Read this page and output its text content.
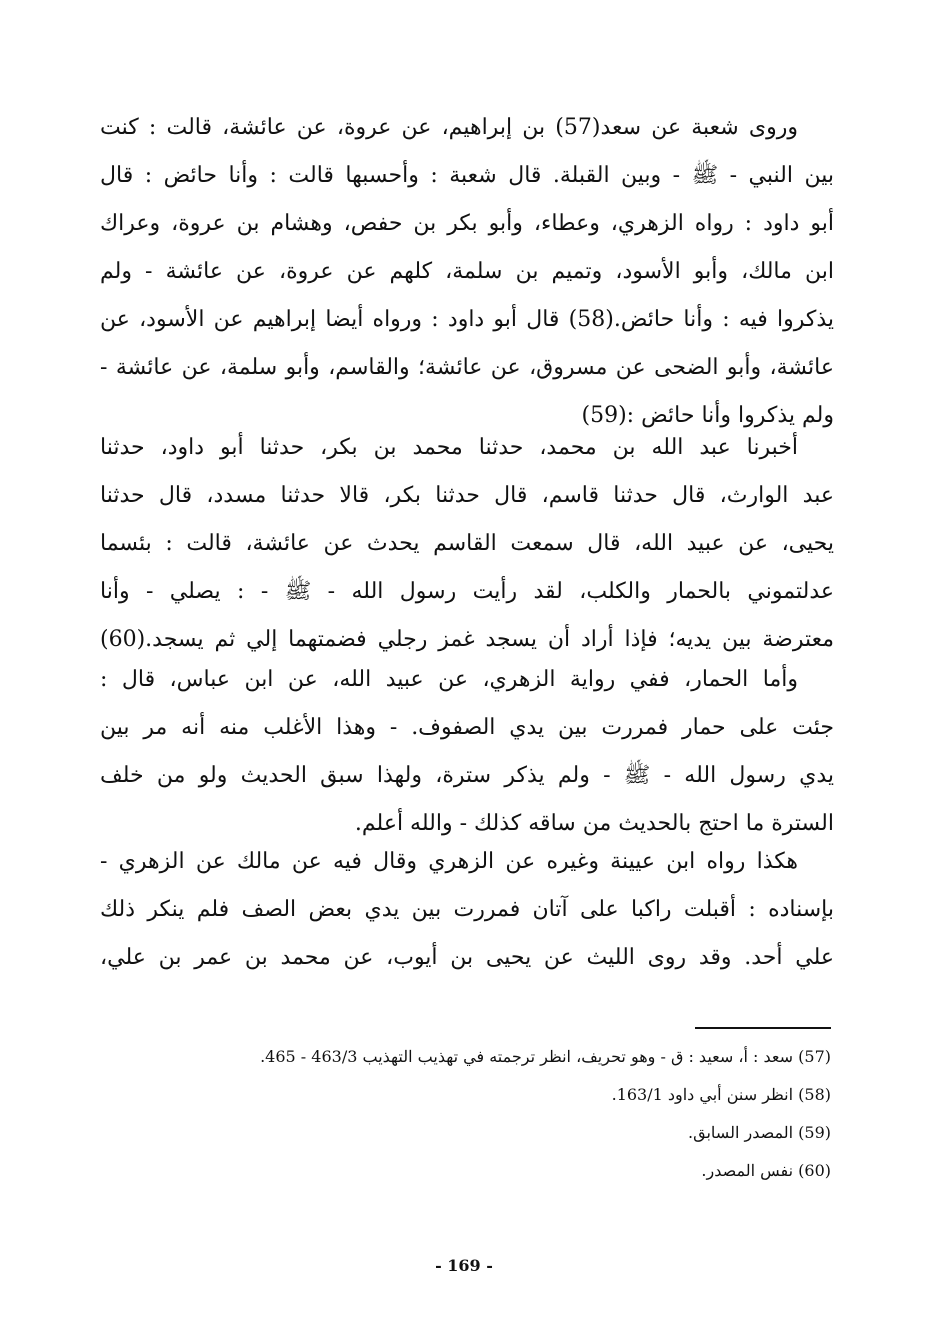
وروى شعبة عن سعد(57) بن إبراهيم، عن عروة، عن عائشة، قالت : كنت
بين النبي - ﷺ - وبين القبلة. قال شعبة : وأحسبها قالت : وأنا حائض : قال
أبو داود : رواه الزهري، وعطاء، وأبو بكر بن حفص، وهشام بن عروة، وعراك
ابن مالك، وأبو الأسود، وتميم بن سلمة، كلهم عن عروة، عن عائشة - ولم
يذكروا فيه : وأنا حائض.(58) قال أبو داود : ورواه أيضا إبراهيم عن الأسود، عن
عائشة، وأبو الضحى عن مسروق، عن عائشة؛ والقاسم، وأبو سلمة، عن عائشة -
ولم يذكروا وأنا حائض :(59)
أخبرنا عبد الله بن محمد، حدثنا محمد بن بكر، حدثنا أبو داود، حدثنا
عبد الوارث، قال حدثنا قاسم، قال حدثنا بكر، قالا حدثنا مسدد، قال حدثنا
يحيى، عن عبيد الله، قال سمعت القاسم يحدث عن عائشة، قالت : بئسما
عدلتموني بالحمار والكلب، لقد رأيت رسول الله - ﷺ - : يصلي - وأنا
معترضة بين يديه؛ فإذا أراد أن يسجد غمز رجلي فضمتهما إلي ثم يسجد.(60)
وأما الحمار، ففي رواية الزهري، عن عبيد الله، عن ابن عباس، قال :
جئت على حمار فمررت بين يدي الصفوف. - وهذا الأغلب منه أنه مر بين
يدي رسول الله - ﷺ - ولم يذكر سترة، ولهذا سبق الحديث ولو من خلف
السترة ما احتج بالحديث من ساقه كذلك - والله أعلم.
هكذا رواه ابن عيينة وغيره عن الزهري وقال فيه عن مالك عن الزهري -
بإسناده : أقبلت راكبا على آتان فمررت بين يدي بعض الصف فلم ينكر ذلك
علي أحد. وقد روى الليث عن يحيى بن أيوب، عن محمد بن عمر بن علي،
(57) سعد : أ، سعيد : ق - وهو تحريف، انظر ترجمته في تهذيب التهذيب 463/3 - 465.
(58) انظر سنن أبي داود 163/1.
(59) المصدر السابق.
(60) نفس المصدر.
- 169 -
